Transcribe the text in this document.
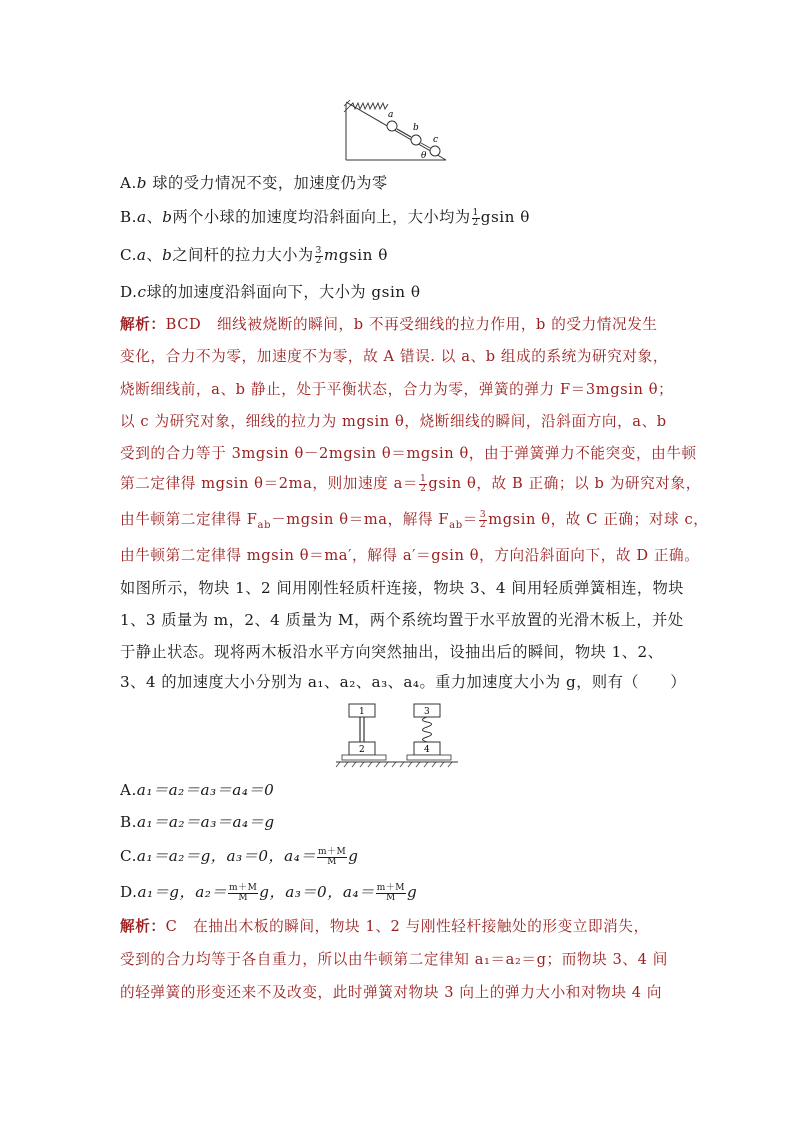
a
b
c
θ
A.b 球的受力情况不变，加速度仍为零
B.a、b两个小球的加速度均沿斜面向上，大小均为 $\frac{1}{2}$ gsin θ
C.a、b之间杆的拉力大小为 $\frac{3}{2}$ mgsin θ
D.c球的加速度沿斜面向下，大小为 gsin θ
解析：BCD 细线被烧断的瞬间，b 不再受细线的拉力作用，b 的受力情况发生
变化，合力不为零，加速度不为零，故 A 错误. 以 a、b 组成的系统为研究对象，
烧断细线前，a、b 静止，处于平衡状态，合力为零，弹簧的弹力 F＝3mgsin θ；
以 c 为研究对象，细线的拉力为 mgsin θ，烧断细线的瞬间，沿斜面方向，a、b
受到的合力等于 3mgsin θ－2mgsin θ＝mgsin θ，由于弹簧弹力不能突变，由牛顿
第二定律得 mgsin θ＝2ma，则加速度 $a= \frac{1}{2}$ gsin θ，故 B 正确；以 b 为研究对象，
由牛顿第二定律得 $F_{ab}-mgsin$ θ＝ma，解得 $F_{ab}= \frac{3}{2}$ mgsin θ，故 C 正确；对球 c，
由牛顿第二定律得 mgsin θ＝ma′，解得 a′＝gsin θ，方向沿斜面向下，故 D 正确。
如图所示，物块 1、2 间用刚性轻质杆连接，物块 3、4 间用轻质弹簧相连，物块
1、3 质量为 m，2、4 质量为 M，两个系统均置于水平放置的光滑木板上，并处
于静止状态。现将两木板沿水平方向突然抽出，设抽出后的瞬间，物块 1、2、
3、4 的加速度大小分别为 a₁、a₂、a₃、a₄。重力加速度大小为 g，则有（　　）
1
2
3
4
A.a₁＝a₂＝a₃＝a₄＝0
B.a₁＝a₂＝a₃＝a₄＝g
C.a₁＝a₂＝g，a₃＝0，$a_4= \frac{m+M}{M}$ g
D.a₁＝g，$a_2= \frac{m+M}{M}$ g，a₃＝0，$a_4= \frac{m+M}{M}$ g
解析：C 在抽出木板的瞬间，物块 1、2 与刚性轻杆接触处的形变立即消失，
受到的合力均等于各自重力，所以由牛顿第二定律知 a₁＝a₂＝g；而物块 3、4 间
的轻弹簧的形变还来不及改变，此时弹簧对物块 3 向上的弹力大小和对物块 4 向
